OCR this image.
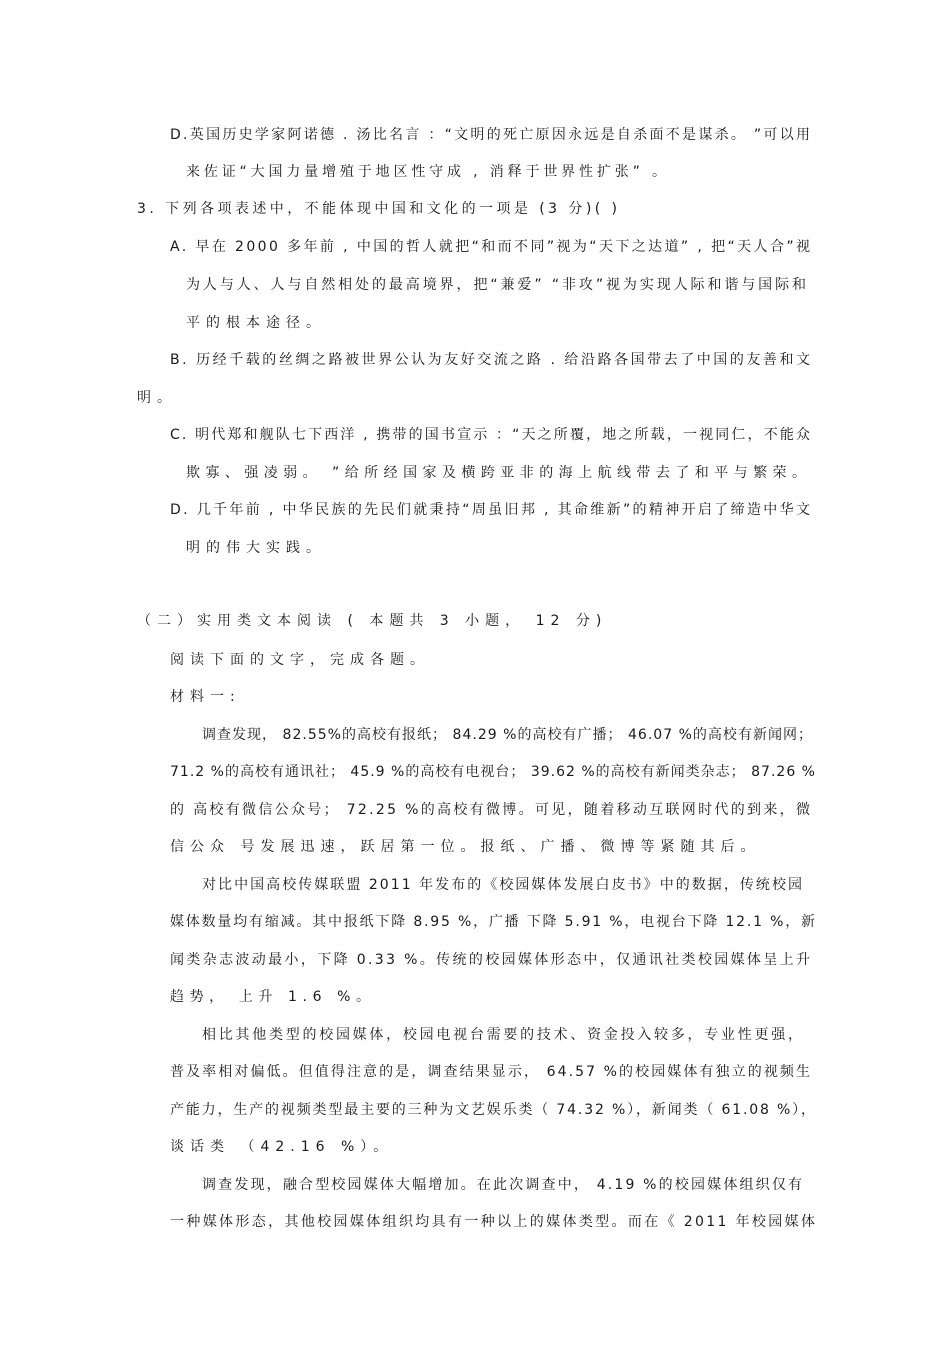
D.英国历史学家阿诺德 . 汤比名言 ：“文明的死亡原因永远是自杀面不是谋杀。 ”可以用

来佐证“大国力量增殖于地区性守成 , 消释于世界性扩张” 。

3. 下列各项表述中，不能体现中国和文化的一项是 (3 分)( )

A. 早在 2000 多年前 , 中国的哲人就把“和而不同”视为“天下之达道” , 把“天人合”视

为人与人、人与自然相处的最高境界，把“兼爱” “非攻”视为实现人际和谐与国际和

平的根本途径。

B. 历经千载的丝绸之路被世界公认为友好交流之路 . 给沿路各国带去了中国的友善和文

明。

C. 明代郑和舰队七下西洋 , 携带的国书宣示 ：“天之所覆，地之所载，一视同仁，不能众

欺寡、强凌弱。 ”给所经国家及横跨亚非的海上航线带去了和平与繁荣。

D. 几千年前 , 中华民族的先民们就秉持“周虽旧邦 , 其命维新”的精神开启了缔造中华文

明的伟大实践。

（二）实用类文本阅读 ( 本题共 3 小题， 12 分)

阅读下面的文字，完成各题。

材料一:

调查发现， 82.55%的高校有报纸； 84.29 %的高校有广播； 46.07 %的高校有新闻网；

71.2 %的高校有通讯社； 45.9 %的高校有电视台； 39.62 %的高校有新闻类杂志； 87.26 %

的 高校有微信公众号； 72.25 %的高校有微博。可见，随着移动互联网时代的到来，微

信公众 号发展迅速，跃居第一位。报纸、广播、微博等紧随其后。

对比中国高校传媒联盟 2011 年发布的《校园媒体发展白皮书》中的数据，传统校园

媒体数量均有缩减。其中报纸下降 8.95 %，广播 下降 5.91 %，电视台下降 12.1 %，新

闻类杂志波动最小，下降 0.33 %。传统的校园媒体形态中，仅通讯社类校园媒体呈上升

趋势， 上升 1.6 %。

相比其他类型的校园媒体，校园电视台需要的技术、资金投入较多，专业性更强，

普及率相对偏低。但值得注意的是，调查结果显示， 64.57 %的校园媒体有独立的视频生

产能力，生产的视频类型最主要的三种为文艺娱乐类（ 74.32 %），新闻类（ 61.08 %），

谈话类 （42.16 %）。

调查发现，融合型校园媒体大幅增加。在此次调查中， 4.19 %的校园媒体组织仅有

一种媒体形态，其他校园媒体组织均具有一种以上的媒体类型。而在《 2011 年校园媒体
